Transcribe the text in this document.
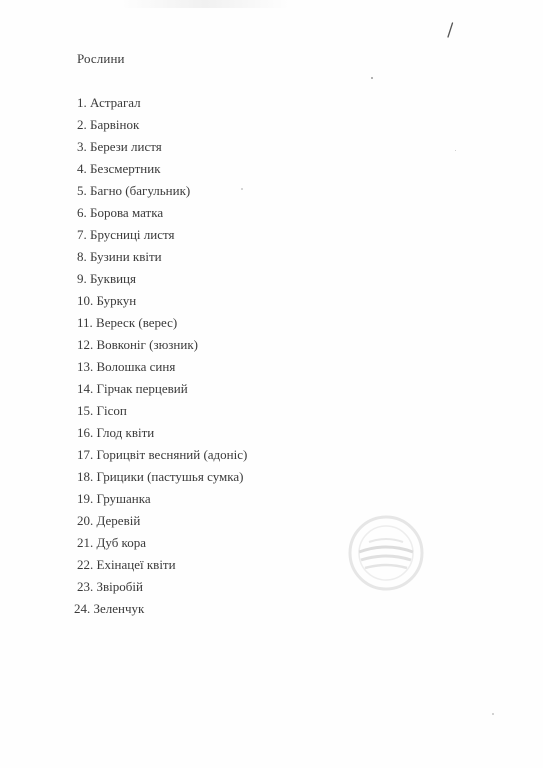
Рослини
1. Астрагал
2. Барвінок
3. Берези листя
4. Безсмертник
5. Багно (багульник)
6. Борова матка
7. Брусниці листя
8. Бузини квіти
9. Буквиця
10. Буркун
11. Вереск (верес)
12. Вовконіг (зюзник)
13. Волошка синя
14. Гірчак перцевий
15. Гісоп
16. Глод квіти
17. Горицвіт весняний (адоніс)
18. Грицики (пастушья сумка)
19. Грушанка
20. Деревій
21. Дуб кора
22. Ехінацеї квіти
23. Звіробій
24. Зеленчук
